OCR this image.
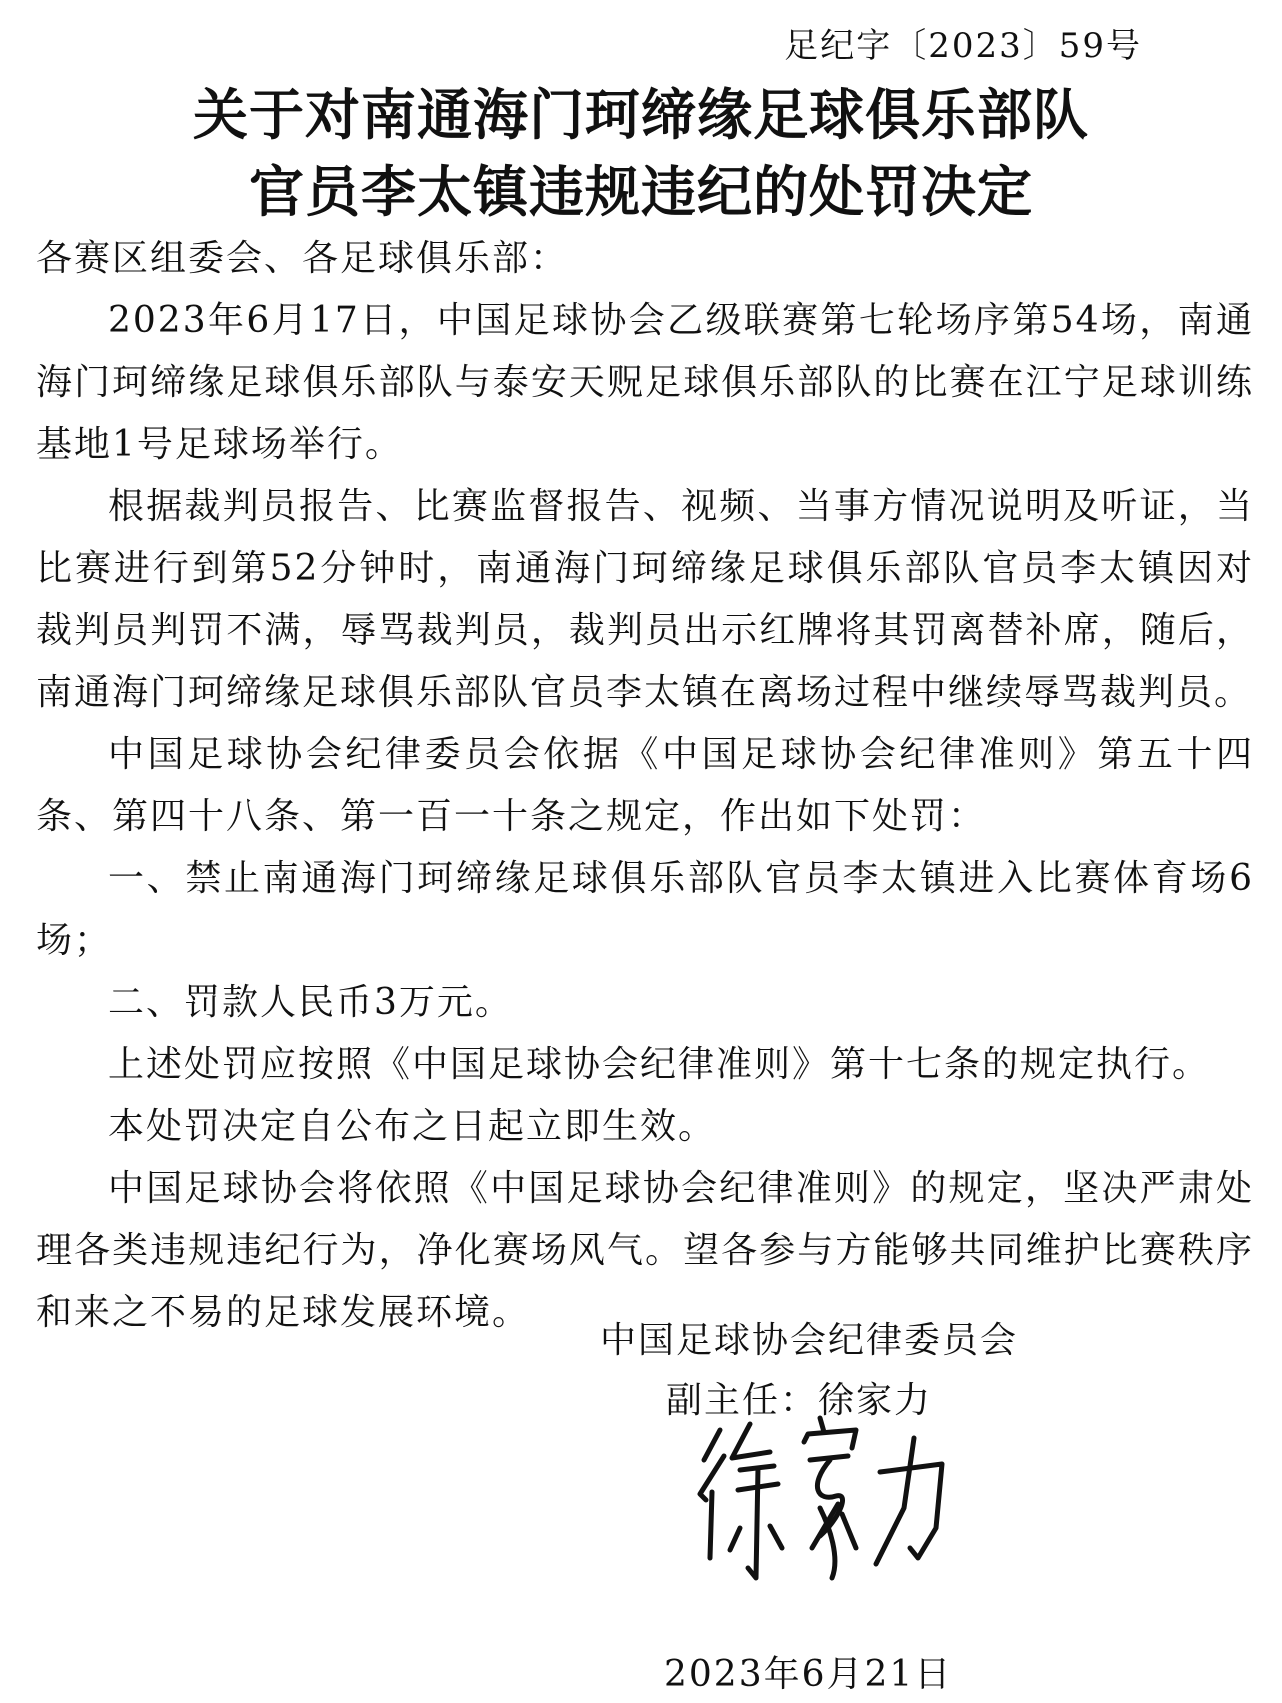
足纪字〔2023〕59号
关于对南通海门珂缔缘足球俱乐部队
官员李太镇违规违纪的处罚决定

各赛区组委会、各足球俱乐部：

2023年6月17日，中国足球协会乙级联赛第七轮场序第54场，南通海门珂缔缘足球俱乐部队与泰安天贶足球俱乐部队的比赛在江宁足球训练基地1号足球场举行。

根据裁判员报告、比赛监督报告、视频、当事方情况说明及听证，当比赛进行到第52分钟时，南通海门珂缔缘足球俱乐部队官员李太镇因对裁判员判罚不满，辱骂裁判员，裁判员出示红牌将其罚离替补席，随后，南通海门珂缔缘足球俱乐部队官员李太镇在离场过程中继续辱骂裁判员。

中国足球协会纪律委员会依据《中国足球协会纪律准则》第五十四条、第四十八条、第一百一十条之规定，作出如下处罚：

一、禁止南通海门珂缔缘足球俱乐部队官员李太镇进入比赛体育场6场；

二、罚款人民币3万元。

上述处罚应按照《中国足球协会纪律准则》第十七条的规定执行。

本处罚决定自公布之日起立即生效。

中国足球协会将依照《中国足球协会纪律准则》的规定，坚决严肃处理各类违规违纪行为，净化赛场风气。望各参与方能够共同维护比赛秩序和来之不易的足球发展环境。

中国足球协会纪律委员会
副主任：徐家力
2023年6月21日
